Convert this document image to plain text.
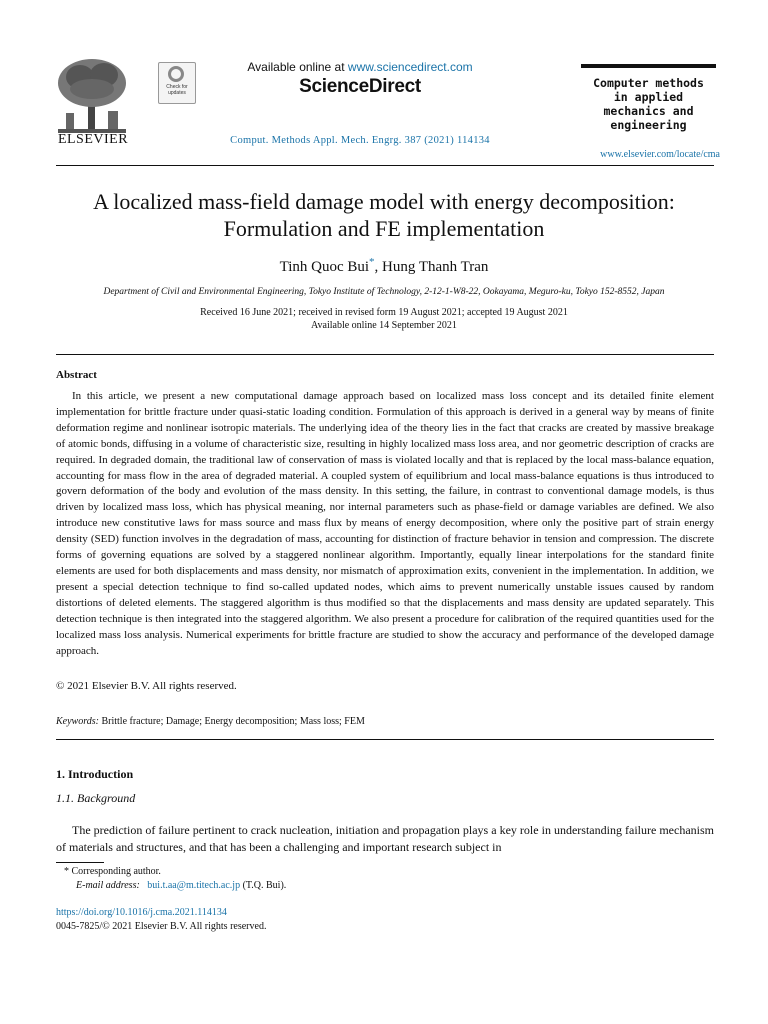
ELSEVIER
Check for updates
Available online at www.sciencedirect.com
ScienceDirect
Comput. Methods Appl. Mech. Engrg. 387 (2021) 114134
Computer methods
in applied
mechanics and
engineering
www.elsevier.com/locate/cma
A localized mass-field damage model with energy decomposition:
Formulation and FE implementation
Tinh Quoc Bui*, Hung Thanh Tran
Department of Civil and Environmental Engineering, Tokyo Institute of Technology, 2-12-1-W8-22, Ookayama, Meguro-ku, Tokyo 152-8552, Japan
Received 16 June 2021; received in revised form 19 August 2021; accepted 19 August 2021
Available online 14 September 2021
Abstract
In this article, we present a new computational damage approach based on localized mass loss concept and its detailed finite element implementation for brittle fracture under quasi-static loading condition. Formulation of this approach is derived in a general way by means of finite deformation regime and nonlinear isotropic materials. The underlying idea of the theory lies in the fact that cracks are created by massive breakage of atomic bonds, diffusing in a volume of characteristic size, resulting in highly localized mass loss area, and nor geometric description of cracks are required. In degraded domain, the traditional law of conservation of mass is violated locally and that is replaced by the local mass-balance equation, accounting for mass flow in the area of degraded material. A coupled system of equilibrium and local mass-balance equations is thus introduced to govern deformation of the body and evolution of the mass density. In this setting, the failure, in contrast to conventional damage models, is thus driven by localized mass loss, which has physical meaning, nor internal parameters such as phase-field or damage variables are defined. We also introduce new constitutive laws for mass source and mass flux by means of energy decomposition, where only the positive part of strain energy density (SED) function involves in the degradation of mass, accounting for distinction of fracture behavior in tension and compression. The discrete forms of governing equations are solved by a staggered nonlinear algorithm. Importantly, equally linear interpolations for the standard finite elements are used for both displacements and mass density, nor mismatch of approximation exits, convenient in the implementation. In addition, we present a special detection technique to find so-called updated nodes, which aims to prevent numerically unstable issues caused by random distortions of deleted elements. The staggered algorithm is thus modified so that the displacements and mass density are updated separately. This detection technique is then integrated into the staggered algorithm. We also present a procedure for calibration of the required quantities used for the localized mass loss analysis. Numerical experiments for brittle fracture are studied to show the accuracy and performance of the developed damage approach.
© 2021 Elsevier B.V. All rights reserved.
Keywords: Brittle fracture; Damage; Energy decomposition; Mass loss; FEM
1. Introduction
1.1. Background
The prediction of failure pertinent to crack nucleation, initiation and propagation plays a key role in understanding failure mechanism of materials and structures, and that has been a challenging and important research subject in
* Corresponding author.
E-mail address: bui.t.aa@m.titech.ac.jp (T.Q. Bui).
https://doi.org/10.1016/j.cma.2021.114134
0045-7825/© 2021 Elsevier B.V. All rights reserved.
